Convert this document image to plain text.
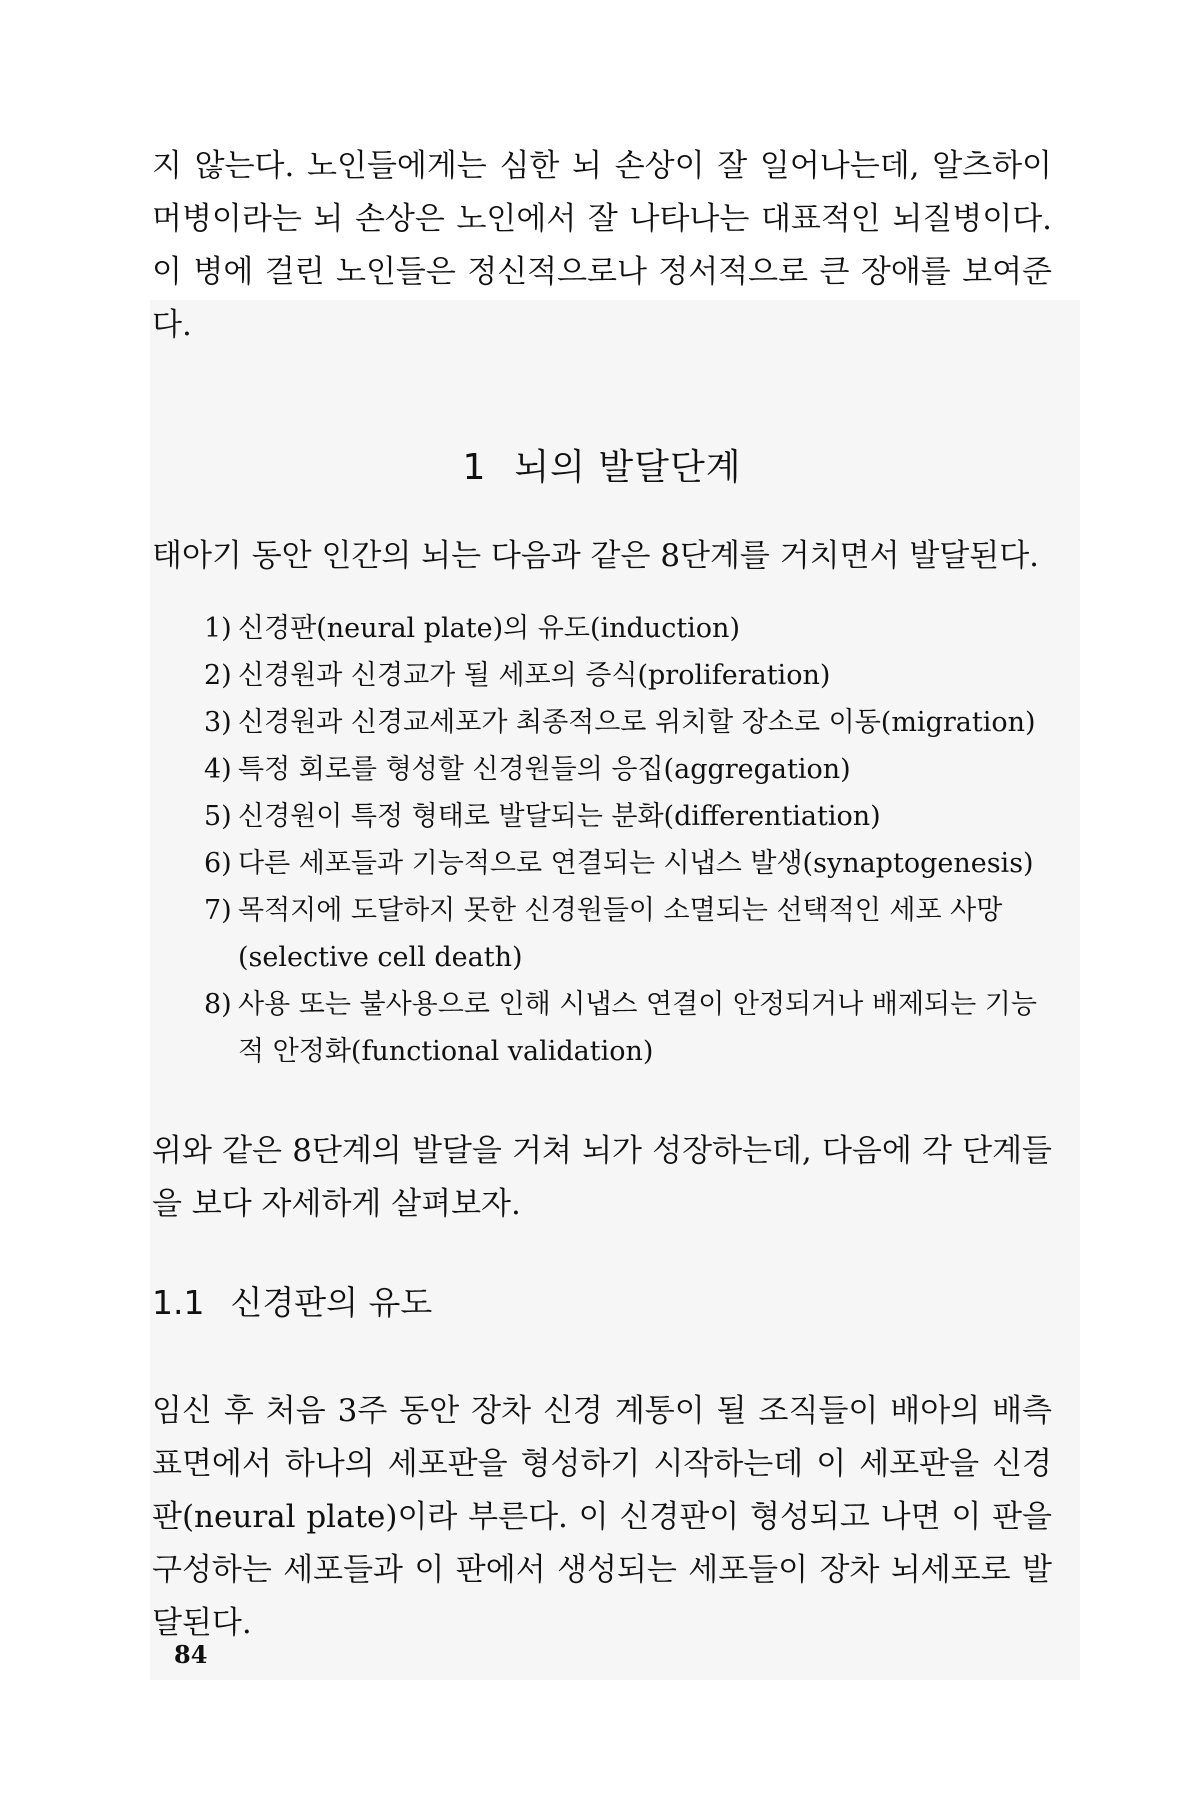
지 않는다. 노인들에게는 심한 뇌 손상이 잘 일어나는데, 알츠하이머병이라는 뇌 손상은 노인에서 잘 나타나는 대표적인 뇌질병이다. 이 병에 걸린 노인들은 정신적으로나 정서적으로 큰 장애를 보여준다.

1 뇌의 발달단계

태아기 동안 인간의 뇌는 다음과 같은 8단계를 거치면서 발달된다.

1) 신경판(neural plate)의 유도(induction)
2) 신경원과 신경교가 될 세포의 증식(proliferation)
3) 신경원과 신경교세포가 최종적으로 위치할 장소로 이동(migration)
4) 특정 회로를 형성할 신경원들의 응집(aggregation)
5) 신경원이 특정 형태로 발달되는 분화(differentiation)
6) 다른 세포들과 기능적으로 연결되는 시냅스 발생(synaptogenesis)
7) 목적지에 도달하지 못한 신경원들이 소멸되는 선택적인 세포 사망(selective cell death)
8) 사용 또는 불사용으로 인해 시냅스 연결이 안정되거나 배제되는 기능적 안정화(functional validation)

위와 같은 8단계의 발달을 거쳐 뇌가 성장하는데, 다음에 각 단계들을 보다 자세하게 살펴보자.

1.1 신경판의 유도

임신 후 처음 3주 동안 장차 신경 계통이 될 조직들이 배아의 배측 표면에서 하나의 세포판을 형성하기 시작하는데 이 세포판을 신경판(neural plate)이라 부른다. 이 신경판이 형성되고 나면 이 판을 구성하는 세포들과 이 판에서 생성되는 세포들이 장차 뇌세포로 발달된다.

84
